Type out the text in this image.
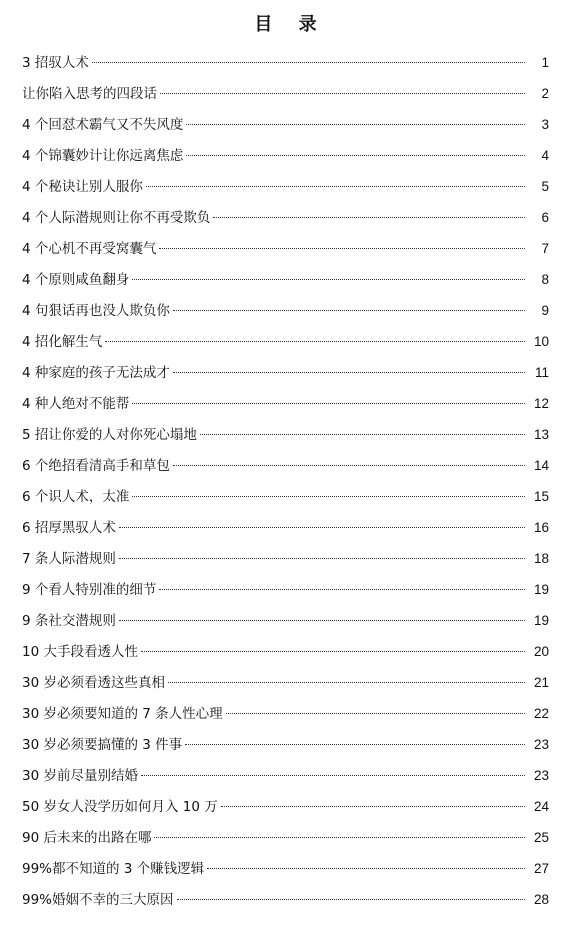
目 录
3 招驭人术	1
让你陷入思考的四段话	2
4 个回怼术霸气又不失风度	3
4 个锦囊妙计让你远离焦虑	4
4 个秘诀让别人服你	5
4 个人际潜规则让你不再受欺负	6
4 个心机不再受窝囊气	7
4 个原则咸鱼翻身	8
4 句狠话再也没人欺负你	9
4 招化解生气	10
4 种家庭的孩子无法成才	11
4 种人绝对不能帮	12
5 招让你爱的人对你死心塌地	13
6 个绝招看清高手和草包	14
6 个识人术，太准	15
6 招厚黑驭人术	16
7 条人际潜规则	18
9 个看人特别准的细节	19
9 条社交潜规则	19
10 大手段看透人性	20
30 岁必须看透这些真相	21
30 岁必须要知道的 7 条人性心理	22
30 岁必须要搞懂的 3 件事	23
30 岁前尽量别结婚	23
50 岁女人没学历如何月入 10 万	24
90 后未来的出路在哪	25
99%都不知道的 3 个赚钱逻辑	27
99%婚姻不幸的三大原因	28
